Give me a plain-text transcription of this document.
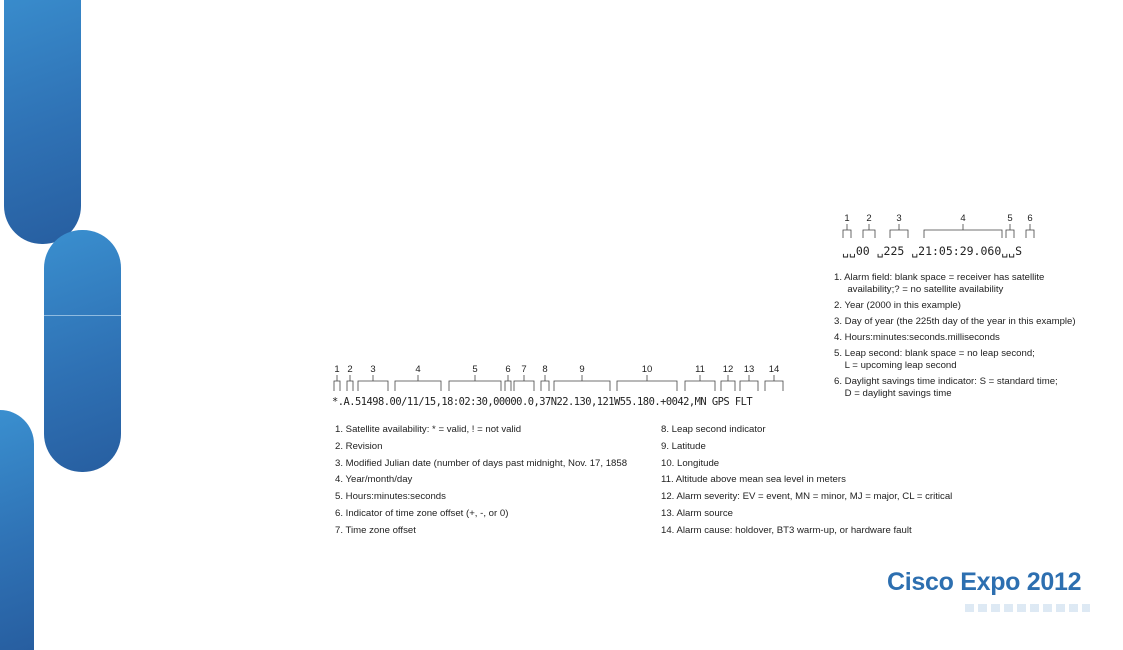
1 2	3	4	5 6
␣␣00 ␣225 ␣21:05:29.060␣␣S
1 2 3	4	5	6 7 8	9	10	11 12 13 14
*.A.51498.00/11/15,18:02:30,00000.0,37N22.130,121W55.180.+0042,MN GPS FLT
1. Alarm field: blank space = receiver has satellite
availability;? = no satellite availability
2. Year (2000 in this example)
3. Day of year (the 225th day of the year in this example)
4. Hours:minutes:seconds.milliseconds
5. Leap second: blank space = no leap second;
L = upcoming leap second
6. Daylight savings time indicator: S = standard time;
D = daylight savings time
1. Satellite availability: * = valid, ! = not valid
2. Revision
3. Modified Julian date (number of days past midnight, Nov. 17, 1858
4. Year/month/day
5. Hours:minutes:seconds
6. Indicator of time zone offset (+, -, or 0)
7. Time zone offset
8. Leap second indicator
9. Latitude
10. Longitude
11. Altitude above mean sea level in meters
12. Alarm severity: EV = event, MN = minor, MJ = major, CL = critical
13. Alarm source
14. Alarm cause: holdover, BT3 warm-up, or hardware fault
Cisco Expo 2012
